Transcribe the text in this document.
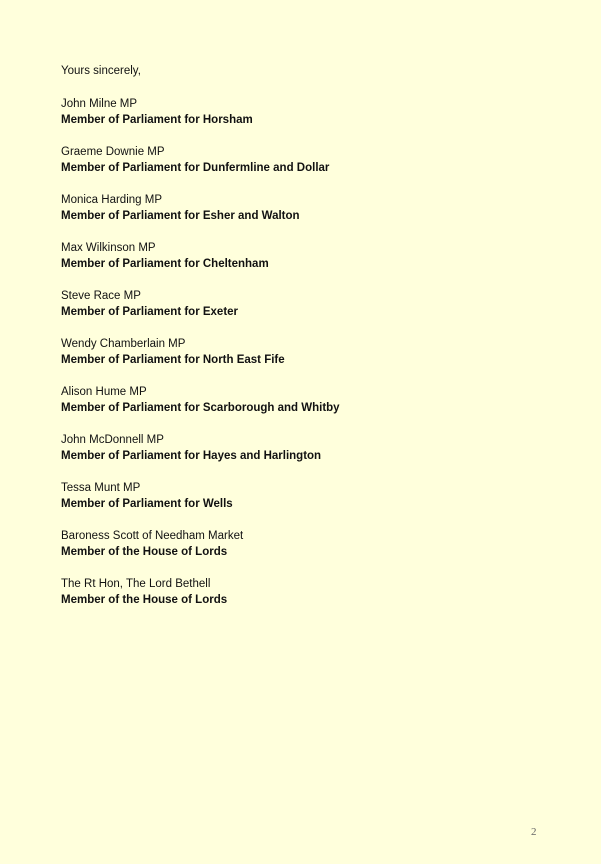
Yours sincerely,
John Milne MP
Member of Parliament for Horsham
Graeme Downie MP
Member of Parliament for Dunfermline and Dollar
Monica Harding MP
Member of Parliament for Esher and Walton
Max Wilkinson MP
Member of Parliament for Cheltenham
Steve Race MP
Member of Parliament for Exeter
Wendy Chamberlain MP
Member of Parliament for North East Fife
Alison Hume MP
Member of Parliament for Scarborough and Whitby
John McDonnell MP
Member of Parliament for Hayes and Harlington
Tessa Munt MP
Member of Parliament for Wells
Baroness Scott of Needham Market
Member of the House of Lords
The Rt Hon, The Lord Bethell
Member of the House of Lords
2
